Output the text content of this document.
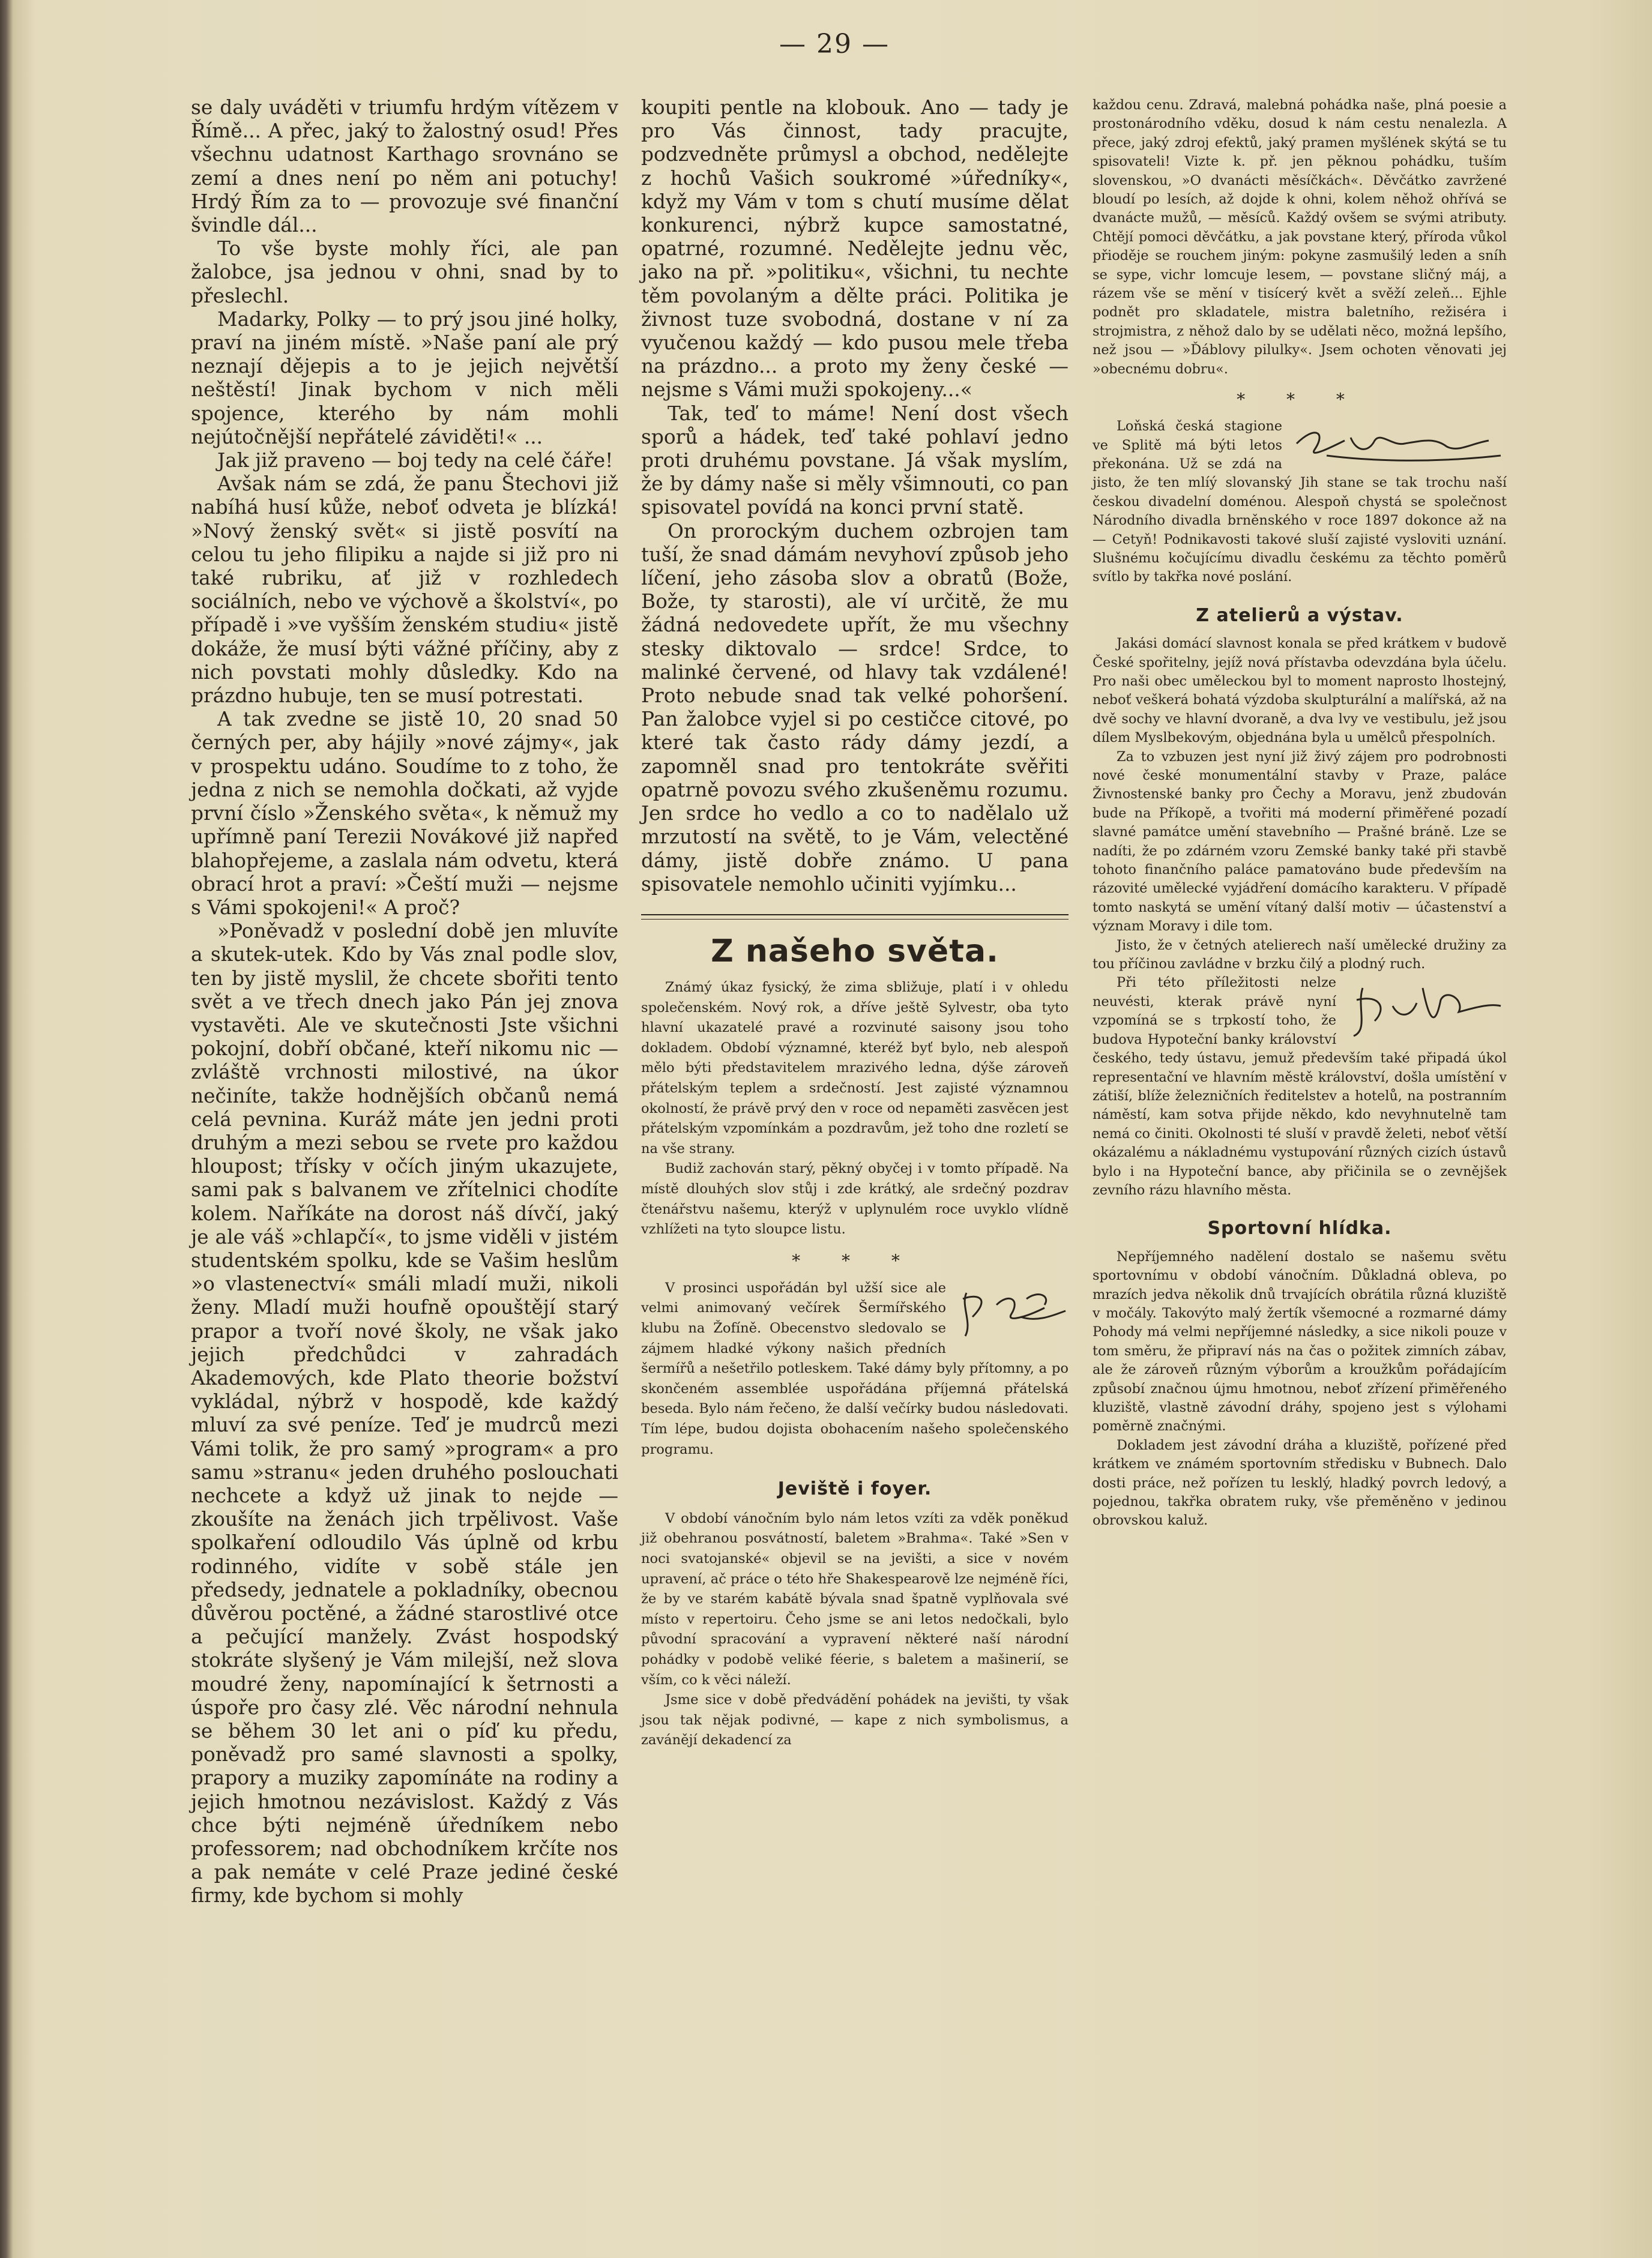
— 29 —

se daly uváděti v triumfu hrdým vítězem v Římě... A přec, jaký to žalostný osud! Přes všechnu udatnost Karthago srovnáno se zemí a dnes není po něm ani potuchy! Hrdý Řím za to — provozuje své finanční švindle dál...

To vše byste mohly říci, ale pan žalobce, jsa jednou v ohni, snad by to přeslechl.

Madarky, Polky — to prý jsou jiné holky, praví na jiném místě. »Naše paní ale prý neznají dějepis a to je jejich největší neštěstí! Jinak bychom v nich měli spojence, kterého by nám mohli nejútočnější nepřátelé záviděti!« ...

Jak již praveno — boj tedy na celé čáře!

Avšak nám se zdá, že panu Štechovi již nabíhá husí kůže, neboť odveta je blízká! »Nový ženský svět« si jistě posvítí na celou tu jeho filipiku a najde si již pro ni také rubriku, ať již v rozhledech sociálních, nebo ve výchově a školství«, po případě i »ve vyšším ženském studiu« jistě dokáže, že musí býti vážné příčiny, aby z nich povstati mohly důsledky. Kdo na prázdno hubuje, ten se musí potrestati.

A tak zvedne se jistě 10, 20 snad 50 černých per, aby hájily »nové zájmy«, jak v prospektu udáno. Soudíme to z toho, že jedna z nich se nemohla dočkati, až vyjde první číslo »Ženského světa«, k němuž my upřímně paní Terezii Novákové již napřed blahopřejeme, a zaslala nám odvetu, která obrací hrot a praví: »Čeští muži — nejsme s Vámi spokojeni!« A proč?

»Poněvadž v poslední době jen mluvíte a skutek-utek. Kdo by Vás znal podle slov, ten by jistě myslil, že chcete sbořiti tento svět a ve třech dnech jako Pán jej znova vystavěti. Ale ve skutečnosti Jste všichni pokojní, dobří občané, kteří nikomu nic — zvláště vrchnosti milostivé, na úkor nečiníte, takže hodnějších občanů nemá celá pevnina. Kuráž máte jen jedni proti druhým a mezi sebou se rvete pro každou hloupost; třísky v očích jiným ukazujete, sami pak s balvanem ve zřítelnici chodíte kolem. Naříkáte na dorost náš dívčí, jaký je ale váš »chlapčí«, to jsme viděli v jistém studentském spolku, kde se Vašim heslům »o vlastenectví« smáli mladí muži, nikoli ženy. Mladí muži houfně opouštějí starý prapor a tvoří nové školy, ne však jako jejich předchůdci v zahradách Akademových, kde Plato theorie božství vykládal, nýbrž v hospodě, kde každý mluví za své peníze. Teď je mudrců mezi Vámi tolik, že pro samý »program« a pro samu »stranu« jeden druhého poslouchati nechcete a když už jinak to nejde — zkoušíte na ženách jich trpělivost. Vaše spolkaření odloudilo Vás úplně od krbu rodinného, vidíte v sobě stále jen předsedy, jednatele a pokladníky, obecnou důvěrou poctěné, a žádné starostlivé otce a pečující manžely. Zvást hospodský stokráte slyšený je Vám milejší, než slova moudré ženy, napomínající k šetrnosti a úspoře pro časy zlé. Věc národní nehnula se během 30 let ani o píď ku předu, poněvadž pro samé slavnosti a spolky, prapory a muziky zapomínáte na rodiny a jejich hmotnou nezávislost. Každý z Vás chce býti nejméně úředníkem nebo professorem; nad obchodníkem krčíte nos a pak nemáte v celé Praze jediné české firmy, kde bychom si mohly

koupiti pentle na klobouk. Ano — tady je pro Vás činnost, tady pracujte, podzvedněte průmysl a obchod, nedělejte z hochů Vašich soukromé »úředníky«, když my Vám v tom s chutí musíme dělat konkurenci, nýbrž kupce samostatné, opatrné, rozumné. Nedělejte jednu věc, jako na př. »politiku«, všichni, tu nechte těm povolaným a dělte práci. Politika je živnost tuze svobodná, dostane v ní za vyučenou každý — kdo pusou mele třeba na prázdno... a proto my ženy české — nejsme s Vámi muži spokojeny...«

Tak, teď to máme! Není dost všech sporů a hádek, teď také pohlaví jedno proti druhému povstane. Já však myslím, že by dámy naše si měly všimnouti, co pan spisovatel povídá na konci první statě.

On prorockým duchem ozbrojen tam tuší, že snad dámám nevyhoví způsob jeho líčení, jeho zásoba slov a obratů (Bože, Bože, ty starosti), ale ví určitě, že mu žádná nedovedete upřít, že mu všechny stesky diktovalo — srdce! Srdce, to malinké červené, od hlavy tak vzdálené! Proto nebude snad tak velké pohoršení. Pan žalobce vyjel si po cestičce citové, po které tak často rády dámy jezdí, a zapomněl snad pro tentokráte svěřiti opatrně povozu svého zkušeněmu rozumu. Jen srdce ho vedlo a co to nadělalo už mrzutostí na světě, to je Vám, velectěné dámy, jistě dobře známo. U pana spisovatele nemohlo učiniti vyjímku...

Z našeho světa.

Známý úkaz fysický, že zima sbližuje, platí i v ohledu společenském. Nový rok, a dříve ještě Sylvestr, oba tyto hlavní ukazatelé pravé a rozvinuté saisony jsou toho dokladem. Období významné, kteréž byť bylo, neb alespoň mělo býti představitelem mrazivého ledna, dýše zároveň přátelským teplem a srdečností. Jest zajisté významnou okolností, že právě prvý den v roce od nepaměti zasvěcen jest přátelským vzpomínkám a pozdravům, jež toho dne rozletí se na vše strany.

Budiž zachován starý, pěkný obyčej i v tomto případě. Na místě dlouhých slov stůj i zde krátký, ale srdečný pozdrav čtenářstvu našemu, kterýž v uplynulém roce uvyklo vlídně vzhlížeti na tyto sloupce listu.

* * *

V prosinci uspořádán byl užší sice ale velmi animovaný večírek Šermířského klubu na Žofíně. Obecenstvo sledovalo se zájmem hladké výkony našich předních šermířů a nešetřilo potleskem. Také dámy byly přítomny, a po skončeném assemblée uspořádána příjemná přátelská beseda. Bylo nám řečeno, že další večírky budou následovati. Tím lépe, budou dojista obohacením našeho společenského programu.

Jeviště i foyer.

V období vánočním bylo nám letos vzíti za vděk poněkud již obehranou posvátností, baletem »Brahma«. Také »Sen v noci svatojanské« objevil se na jevišti, a sice v novém upravení, ač práce o této hře Shakespearově lze nejméně říci, že by ve starém kabátě bývala snad špatně vyplňovala své místo v repertoiru. Čeho jsme se ani letos nedočkali, bylo původní spracování a vypravení některé naší národní pohádky v podobě veliké féerie, s baletem a mašinerií, se vším, co k věci náleží.

Jsme sice v době předvádění pohádek na jevišti, ty však jsou tak nějak podivné, — kape z nich symbolismus, a zavánějí dekadencí za

každou cenu. Zdravá, malebná pohádka naše, plná poesie a prostonárodního vděku, dosud k nám cestu nenalezla. A přece, jaký zdroj efektů, jaký pramen myšlének skýtá se tu spisovateli! Vizte k. př. jen pěknou pohádku, tuším slovenskou, »O dvanácti měsíčkách«. Děvčátko zavržené bloudí po lesích, až dojde k ohni, kolem něhož ohřívá se dvanácte mužů, — měsíců. Každý ovšem se svými atributy. Chtějí pomoci děvčátku, a jak povstane který, příroda vůkol přioděje se rouchem jiným: pokyne zasmušilý leden a sníh se sype, vichr lomcuje lesem, — povstane sličný máj, a rázem vše se mění v tisícerý květ a svěží zeleň... Ejhle podnět pro skladatele, mistra baletního, režiséra i strojmistra, z něhož dalo by se udělati něco, možná lepšího, než jsou — »Ďáblovy pilulky«. Jsem ochoten věnovati jej »obecnému dobru«.

* * *

Loňská česká stagione ve Splitě má býti letos překonána. Už se zdá na jisto, že ten mlíý slovanský Jih stane se tak trochu naší českou divadelní doménou. Alespoň chystá se společnost Národního divadla brněnského v roce 1897 dokonce až na — Cetyň! Podnikavosti takové sluší zajisté vysloviti uznání. Slušnému kočujícímu divadlu českému za těchto poměrů svítlo by takřka nové poslání.

Z atelierů a výstav.

Jakási domácí slavnost konala se před krátkem v budově České spořitelny, jejíž nová přístavba odevzdána byla účelu. Pro naši obec uměleckou byl to moment naprosto lhostejný, neboť veškerá bohatá výzdoba skulpturální a malířská, až na dvě sochy ve hlavní dvoraně, a dva lvy ve vestibulu, jež jsou dílem Myslbekovým, objednána byla u umělců přespolních.

Za to vzbuzen jest nyní již živý zájem pro podrobnosti nové české monumentální stavby v Praze, paláce Živnostenské banky pro Čechy a Moravu, jenž zbudován bude na Příkopě, a tvořiti má moderní přiměřené pozadí slavné památce umění stavebního — Prašné bráně. Lze se nadíti, že po zdárném vzoru Zemské banky také při stavbě tohoto finančního paláce pamatováno bude především na rázovité umělecké vyjádření domácího karakteru. V případě tomto naskytá se umění vítaný další motiv — účastenství a význam Moravy i dile tom.

Jisto, že v četných atelierech naší umělecké družiny za tou příčinou zavládne v brzku čilý a plodný ruch.

Při této příležitosti nelze neuvésti, kterak právě nyní vzpomíná se s trpkostí toho, že budova Hypoteční banky království českého, tedy ústavu, jemuž především také připadá úkol representační ve hlavním městě království, došla umístění v zátiší, blíže železničních ředitelstev a hotelů, na postranním náměstí, kam sotva přijde někdo, kdo nevyhnutelně tam nemá co činiti. Okolnosti té sluší v pravdě želeti, neboť větší okázalému a nákladnému vystupování různých cizích ústavů bylo i na Hypoteční bance, aby přičinila se o zevnějšek zevního rázu hlavního města.

Sportovní hlídka.

Nepříjemného nadělení dostalo se našemu světu sportovnímu v období vánočním. Důkladná obleva, po mrazích jedva několik dnů trvajících obrátila různá kluziště v močály. Takovýto malý žertík všemocné a rozmarné dámy Pohody má velmi nepříjemné následky, a sice nikoli pouze v tom směru, že připraví nás na čas o požitek zimních zábav, ale že zároveň různým výborům a kroužkům pořádajícím způsobí značnou újmu hmotnou, neboť zřízení přiměřeného kluziště, vlastně závodní dráhy, spojeno jest s výlohami poměrně značnými.

Dokladem jest závodní dráha a kluziště, pořízené před krátkem ve známém sportovním středisku v Bubnech. Dalo dosti práce, než pořízen tu lesklý, hladký povrch ledový, a pojednou, takřka obratem ruky, vše přeměněno v jedinou obrovskou kaluž.
